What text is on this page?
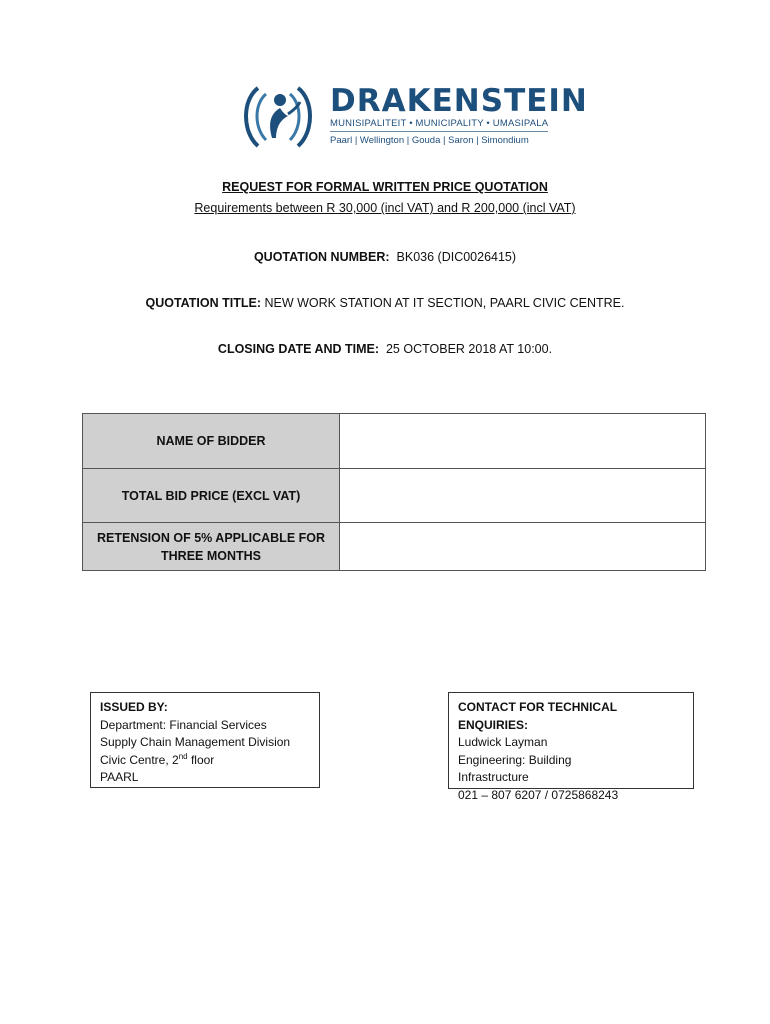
DRAKENSTEIN
MUNISIPALITEIT • MUNICIPALITY • UMASIPALA
Paarl | Wellington | Gouda | Saron | Simondium
REQUEST FOR FORMAL WRITTEN PRICE QUOTATION
Requirements between R 30,000 (incl VAT) and R 200,000 (incl VAT)
QUOTATION NUMBER: BK036 (DIC0026415)
QUOTATION TITLE: NEW WORK STATION AT IT SECTION, PAARL CIVIC CENTRE.
CLOSING DATE AND TIME: 25 OCTOBER 2018 AT 10:00.
NAME OF BIDDER	
TOTAL BID PRICE (EXCL VAT)	
RETENSION OF 5% APPLICABLE FOR THREE MONTHS	
ISSUED BY:
Department: Financial Services
Supply Chain Management Division
Civic Centre, 2nd floor
PAARL
CONTACT FOR TECHNICAL ENQUIRIES:
Ludwick Layman
Engineering: Building
Infrastructure
021 – 807 6207 / 0725868243
